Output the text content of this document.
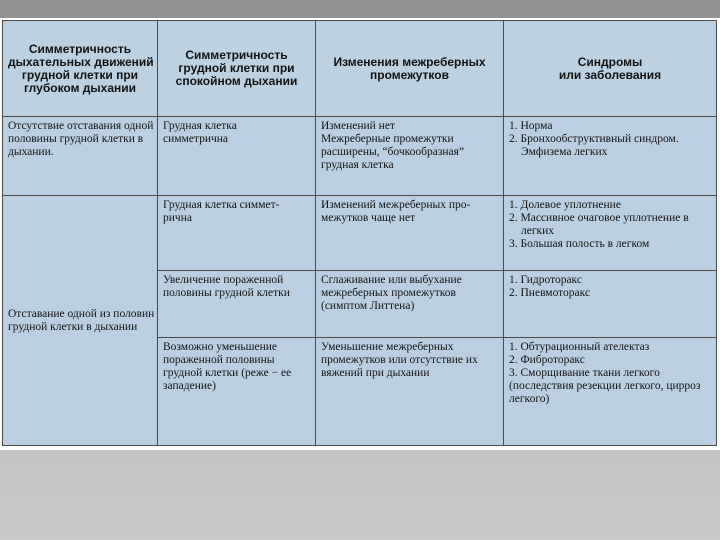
Симметричность
дыхательных движений
грудной клетки при
глубоком дыхании	Симметричность
грудной клетки при
спокойном дыхании	Изменения межреберных
промежутков	Синдромы
или заболевания

Отсутствие отставания одной
половины грудной клетки в
дыхании.	Грудная клетка
симметрична	Изменений нет
Межреберные промежутки
расширены, “бочкообразная”
грудная клетка	1. Норма
2. Бронхообструктивный синдром.
Эмфизема легких

Отставание одной из половин
грудной клетки в дыхании	Грудная клетка симмет-
рична	Изменений межреберных про-
межутков чаще нет	1. Долевое уплотнение
2. Массивное очаговое уплотнение в
легких
3. Большая полость в легком

	Увеличение пораженной
половины грудной клетки	Сглаживание или выбухание
межреберных промежутков
(симптом Литтена)	1. Гидроторакс
2. Пневмоторакс

	Возможно уменьшение
пораженной половины
грудной клетки (реже − ее
западение)	Уменьшение межреберных
промежутков или отсутствие их
вяжений при дыхании	1. Обтурационный ателектаз
2. Фиброторакс
3. Сморщивание ткани легкого
(последствия резекции легкого, цирроз
легкого)
